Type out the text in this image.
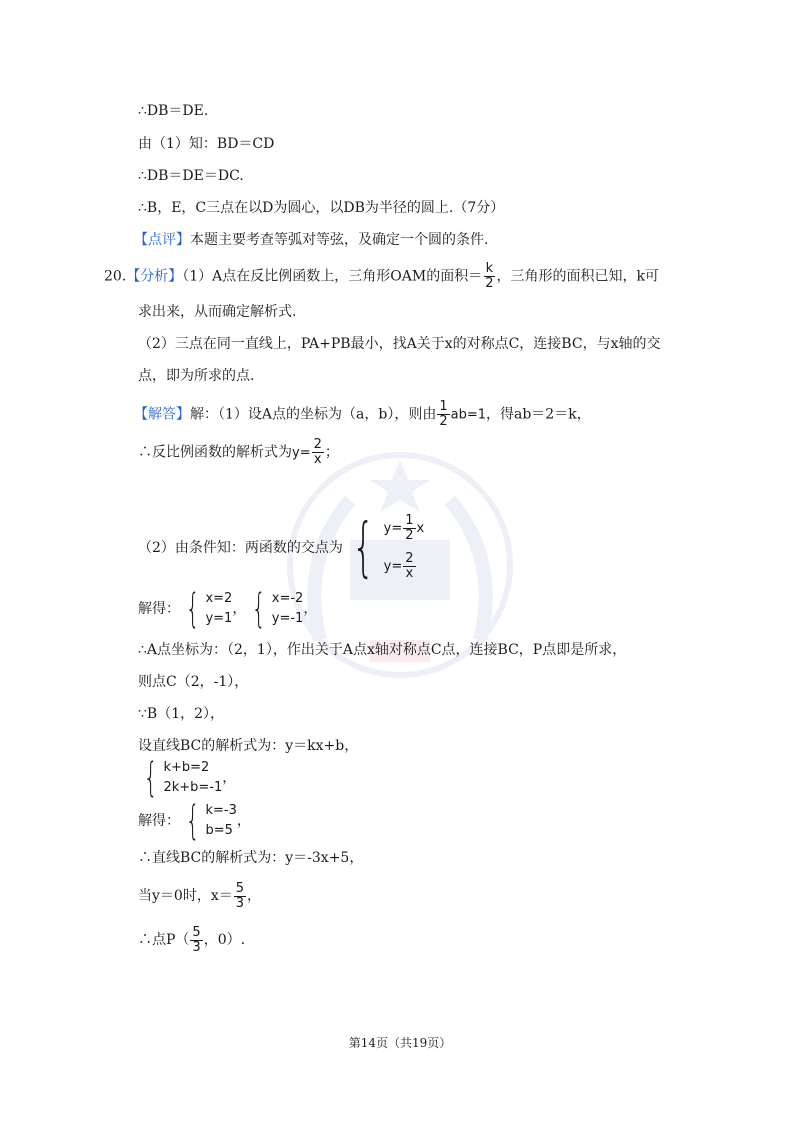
∴DB＝DE.
由（1）知：BD＝CD
∴DB＝DE＝DC.
∴B，E，C三点在以D为圆心，以DB为半径的圆上.（7分）
【点评】本题主要考查等弧对等弦，及确定一个圆的条件.
20.【分析】（1）A点在反比例函数上，三角形OAM的面积＝ $\frac{k}{2}$ ，三角形的面积已知，k可
求出来，从而确定解析式.
（2）三点在同一直线上，PA+PB最小，找A关于x的对称点C，连接BC，与x轴的交
点，即为所求的点.
【解答】解：（1）设A点的坐标为（a，b），则由 $\frac{1}{2} ab=1$，得ab＝2＝k，
∴反比例函数的解析式为$y= \frac{2}{x}$ ；
（2）由条件知：两函数的交点为 { $y= \frac{1}{2}$ x
$y= \frac{2}{x}$
解得： { x=2
y=1
， { x=-2
y=-1
，
∴A点坐标为：（2，1），作出关于A点x轴对称点C点，连接BC，P点即是所求，
则点C（2，-1），
∵B（1，2），
设直线BC的解析式为：y＝kx+b，
{ k+b=2
2k+b=-1
，
解得： { k=-3
b=5
，
∴直线BC的解析式为：y＝-3x+5，
当y＝0时，$x= \frac{5}{3}$ ，
∴点$P( \frac{5}{3}$ ，0）.
第14页（共19页）
